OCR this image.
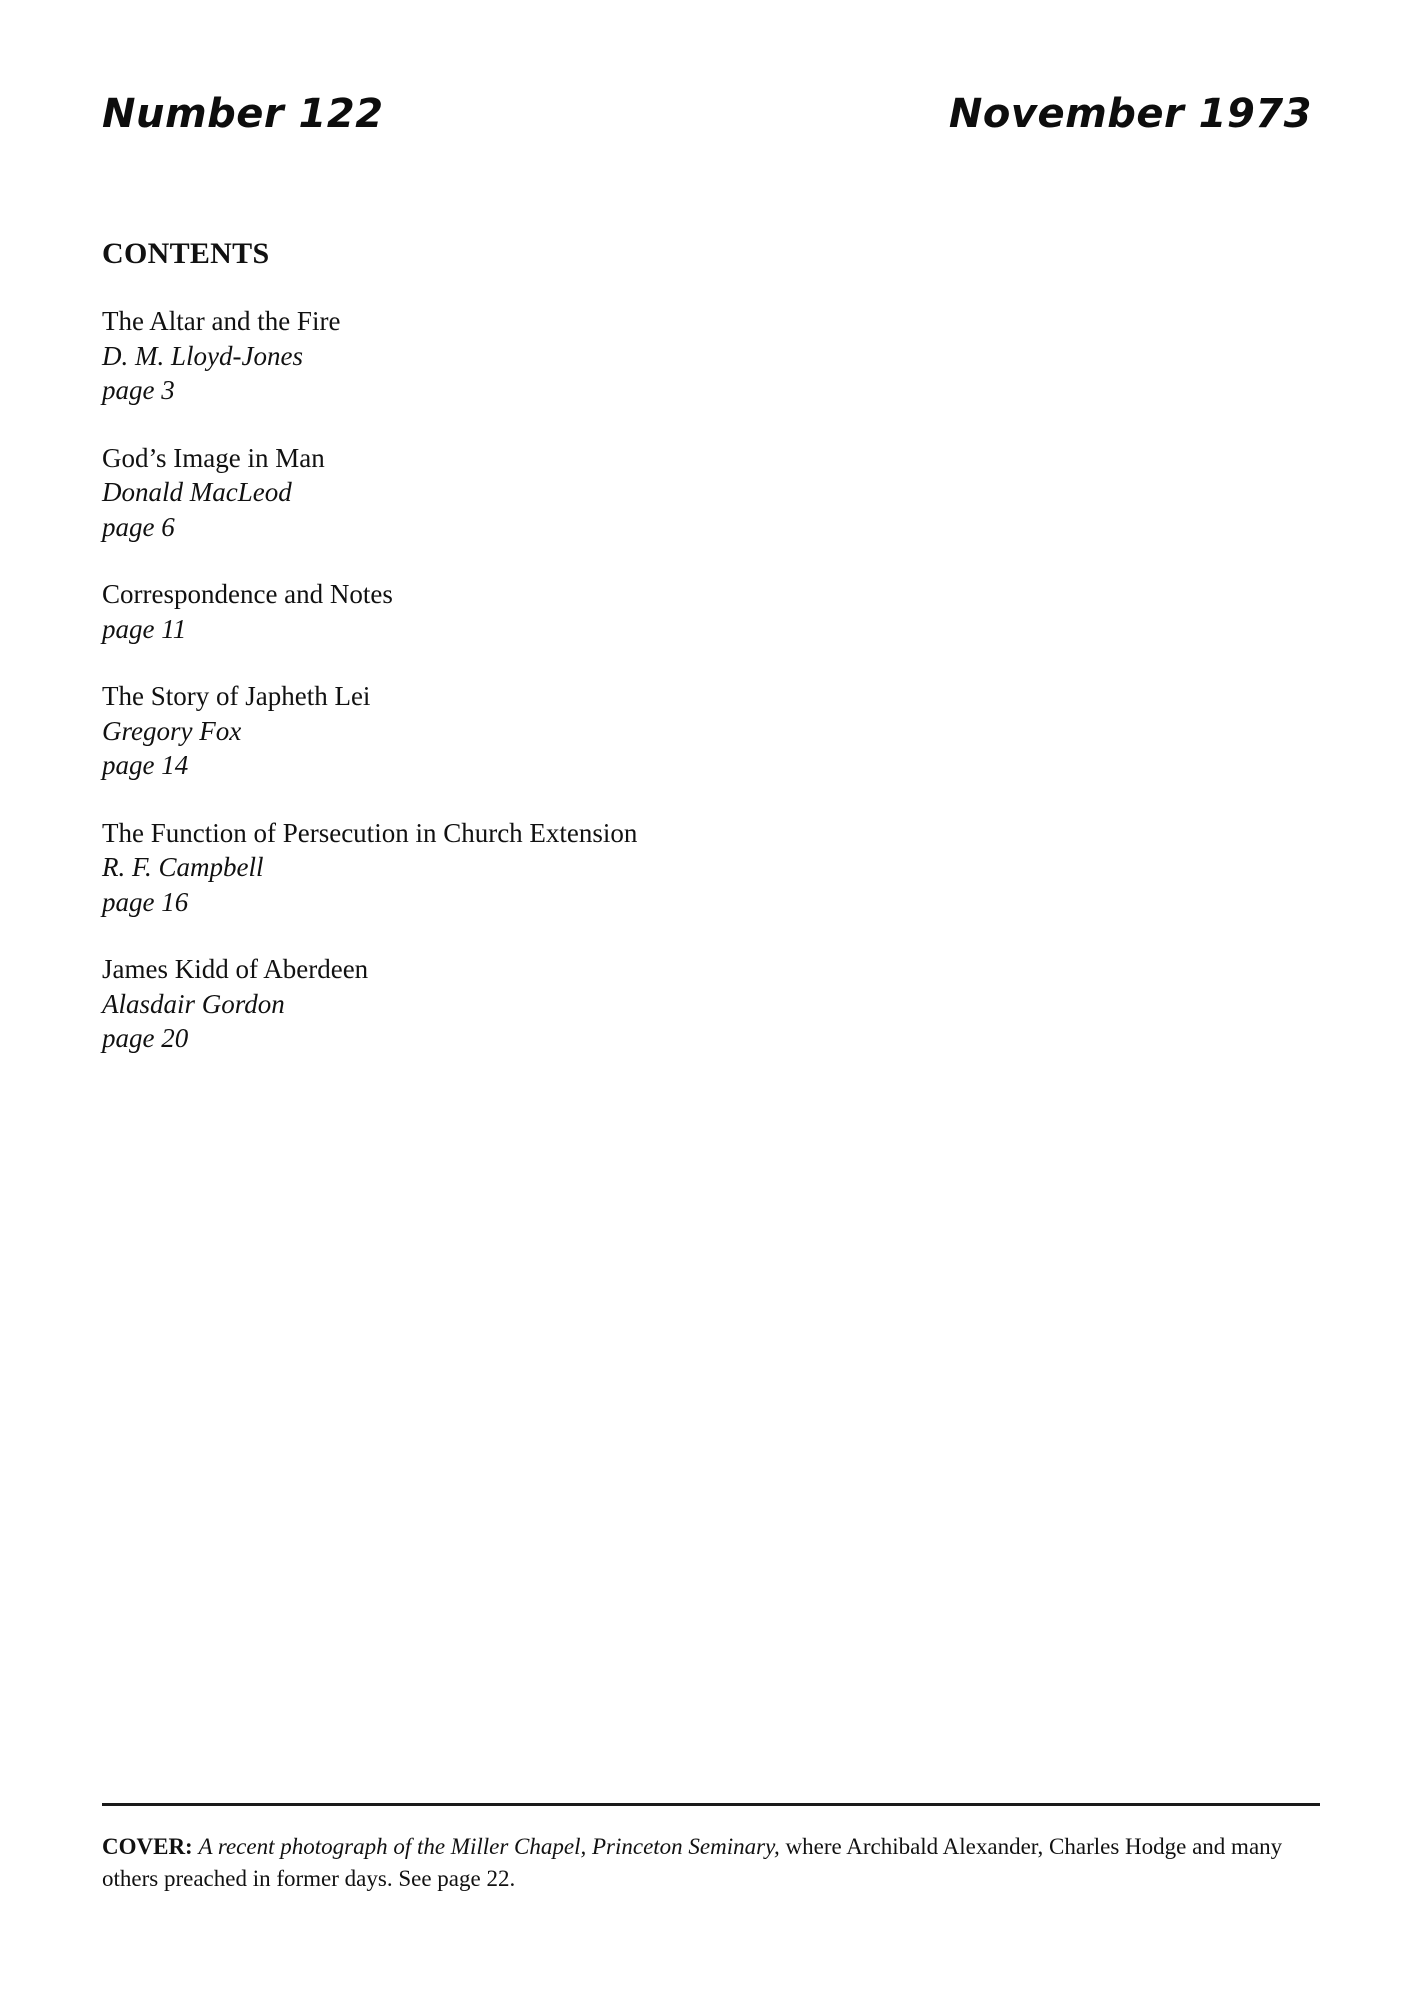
Number 122	November 1973
CONTENTS
The Altar and the Fire
D. M. Lloyd-Jones
page 3
God’s Image in Man
Donald MacLeod
page 6
Correspondence and Notes
page 11
The Story of Japheth Lei
Gregory Fox
page 14
The Function of Persecution in Church Extension
R. F. Campbell
page 16
James Kidd of Aberdeen
Alasdair Gordon
page 20
COVER: A recent photograph of the Miller Chapel, Princeton Seminary, where Archibald Alexander, Charles Hodge and many others preached in former days. See page 22.
